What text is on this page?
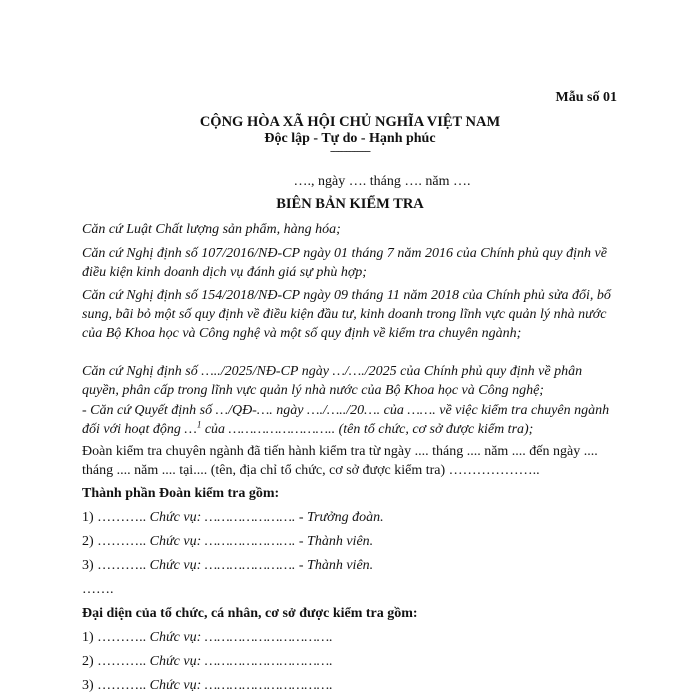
Mẫu số 01
CỘNG HÒA XÃ HỘI CHỦ NGHĨA VIỆT NAM
Độc lập - Tự do - Hạnh phúc
---------------
…., ngày …. tháng …. năm ….
BIÊN BẢN KIỂM TRA
Căn cứ Luật Chất lượng sản phẩm, hàng hóa;
Căn cứ Nghị định số 107/2016/NĐ-CP ngày 01 tháng 7 năm 2016 của Chính phủ quy định về điều kiện kinh doanh dịch vụ đánh giá sự phù hợp;
Căn cứ Nghị định số 154/2018/NĐ-CP ngày 09 tháng 11 năm 2018 của Chính phủ sửa đổi, bổ sung, bãi bỏ một số quy định về điều kiện đầu tư, kinh doanh trong lĩnh vực quản lý nhà nước của Bộ Khoa học và Công nghệ và một số quy định về kiểm tra chuyên ngành;
Căn cứ Nghị định số …../2025/NĐ-CP ngày …/…./2025 của Chính phủ quy định về phân quyền, phân cấp trong lĩnh vực quản lý nhà nước của Bộ Khoa học và Công nghệ;
- Căn cứ Quyết định số …/QĐ-…. ngày …./…../20…. của ……. về việc kiểm tra chuyên ngành đối với hoạt động …$^1$ của …………………….. (tên tổ chức, cơ sở được kiểm tra);
Đoàn kiểm tra chuyên ngành đã tiến hành kiểm tra từ ngày .... tháng .... năm .... đến ngày .... tháng .... năm .... tại.... (tên, địa chỉ tổ chức, cơ sở được kiểm tra) ………………..
Thành phần Đoàn kiểm tra gồm:
1) ……….. Chức vụ: …………………. - Trưởng đoàn.
2) ……….. Chức vụ: …………………. - Thành viên.
3) ……….. Chức vụ: …………………. - Thành viên.
…….
Đại diện của tổ chức, cá nhân, cơ sở được kiểm tra gồm:
1) ……….. Chức vụ: ………………………….
2) ……….. Chức vụ: ………………………….
3) ……….. Chức vụ: ………………………….
